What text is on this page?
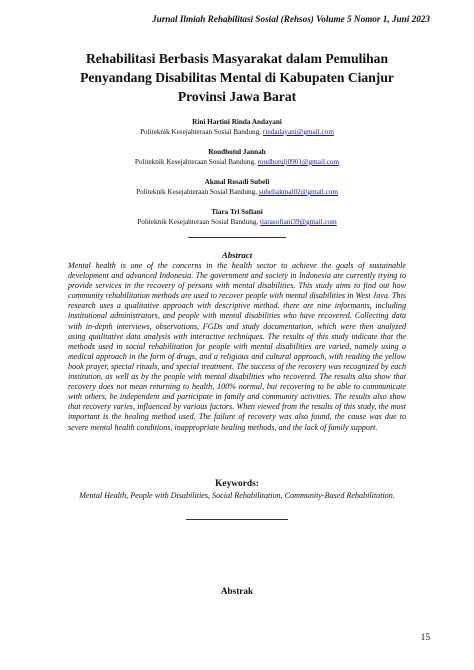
Jurnal Ilmiah Rehabilitasi Sosial (Rehsos) Volume 5 Nomor 1, Juni 2023
Rehabilitasi Berbasis Masyarakat dalam Pemulihan
Penyandang Disabilitas Mental di Kabupaten Cianjur
Provinsi Jawa Barat
Rini Hartini Rinda Andayani
Politeknik Kesejahteraan Sosial Bandung, rindadayani@gmail.com
Roudhotul Jannah
Politeknik Kesejahteraan Sosial Bandung, roudhotulj0901@gmail.com
Akmal Rosadi Subeli
Politeknik Kesejahteraan Sosial Bandung, suheliakmal02@gmail.com
Tiara Tri Sofiani
Politeknik Kesejahteraan Sosial Bandung, tiarasofiani39@gmail.com
Abstract
Mental health is one of the concerns in the health sector to achieve the goals of sustainable development and advanced Indonesia. The government and society in Indonesia are currently trying to provide services in the recovery of persons with mental disabilities. This study aims to find out how community rehabilitation methods are used to recover people with mental disabilities in West Java. This research uses a qualitative approach with descriptive method. there are nine informants, including institutional administrators, and people with mental disabilities who have recovered. Collecting data with in-depth interviews, observations, FGDs and study documentation, which were then analyzed using qualitative data analysis with interactive techniques. The results of this study indicate that the methods used in social rehabilitation for people with mental disabilities are varied, namely using a medical approach in the form of drugs, and a religious and cultural approach, with reading the yellow book prayer, special rituals, and special treatment. The success of the recovery was recognized by each institution, as well as by the people with mental disabilities who recovered. The results also show that recovery does not mean returning to health, 100% normal, but recovering to be able to communicate with others, be independent and participate in family and community activities. The results also show that recovery varies, influenced by various factors. When viewed from the results of this study, the most important is the healing method used. The failure of recovery was also found, the cause was due to severe mental health conditions, inappropriate healing methods, and the lack of family support.
Keywords:
Mental Health, People with Disabilities, Social Rehabilitation, Community-Based Rehabilitation.
Abstrak
15
